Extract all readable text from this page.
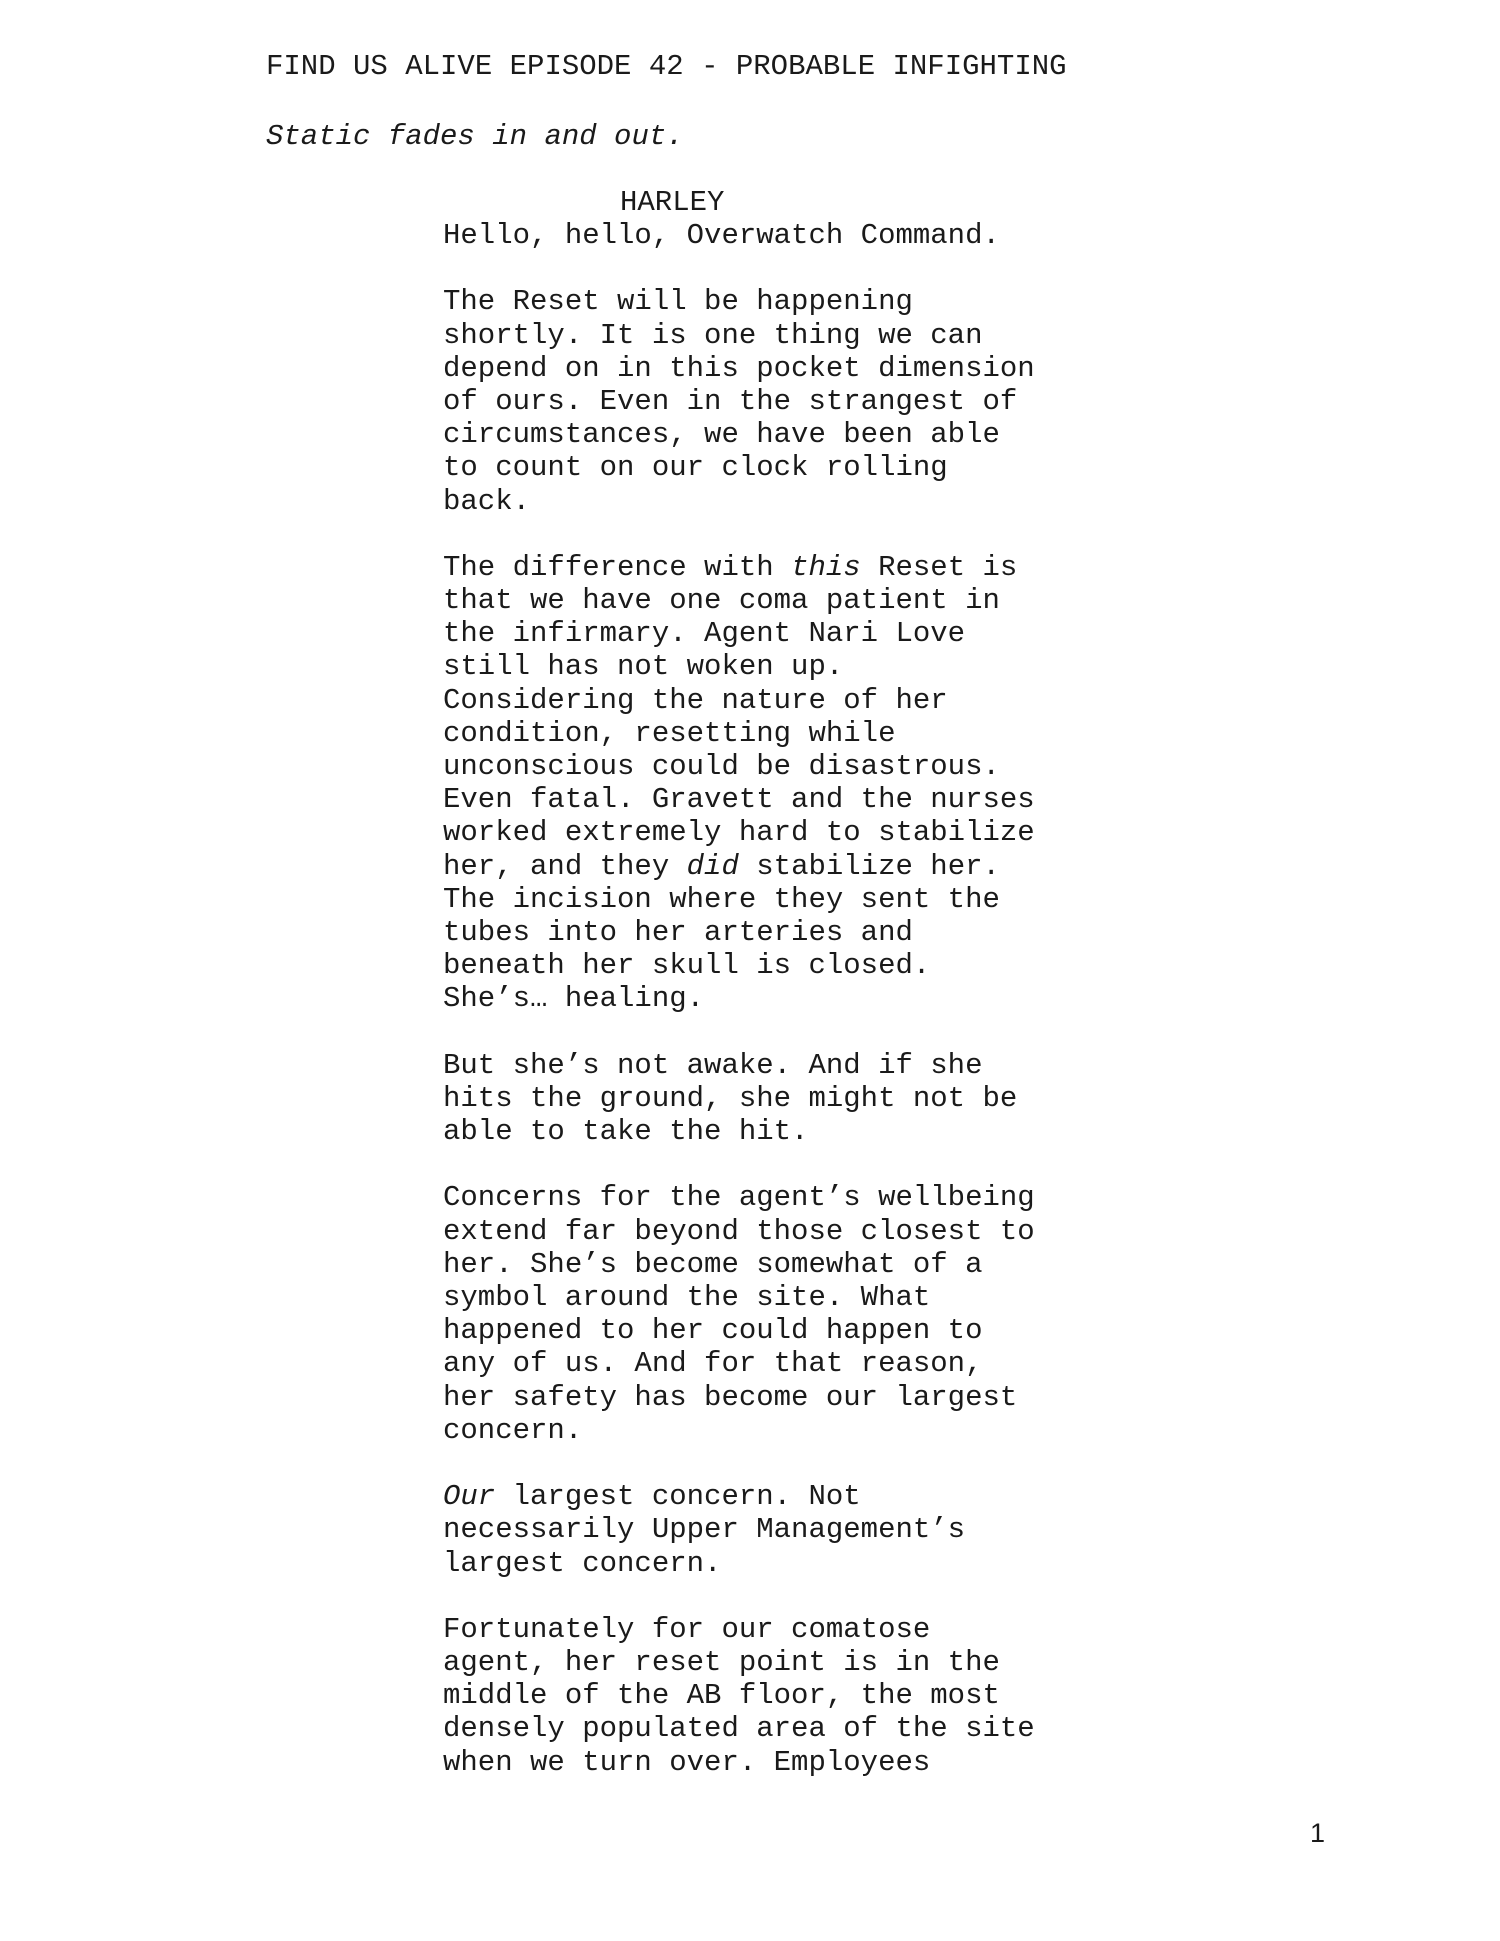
FIND US ALIVE EPISODE 42 - PROBABLE INFIGHTING

Static fades in and out.

HARLEY

Hello, hello, Overwatch Command.
The Reset will be happening
shortly. It is one thing we can
depend on in this pocket dimension
of ours. Even in the strangest of
circumstances, we have been able
to count on our clock rolling
back.
The difference with this Reset is
that we have one coma patient in
the infirmary. Agent Nari Love
still has not woken up.
Considering the nature of her
condition, resetting while
unconscious could be disastrous.
Even fatal. Gravett and the nurses
worked extremely hard to stabilize
her, and they did stabilize her.
The incision where they sent the
tubes into her arteries and
beneath her skull is closed.
She’s… healing.
But she’s not awake. And if she
hits the ground, she might not be
able to take the hit.
Concerns for the agent’s wellbeing
extend far beyond those closest to
her. She’s become somewhat of a
symbol around the site. What
happened to her could happen to
any of us. And for that reason,
her safety has become our largest
concern.
Our largest concern. Not
necessarily Upper Management’s
largest concern.
Fortunately for our comatose
agent, her reset point is in the
middle of the AB floor, the most
densely populated area of the site
when we turn over. Employees
1
